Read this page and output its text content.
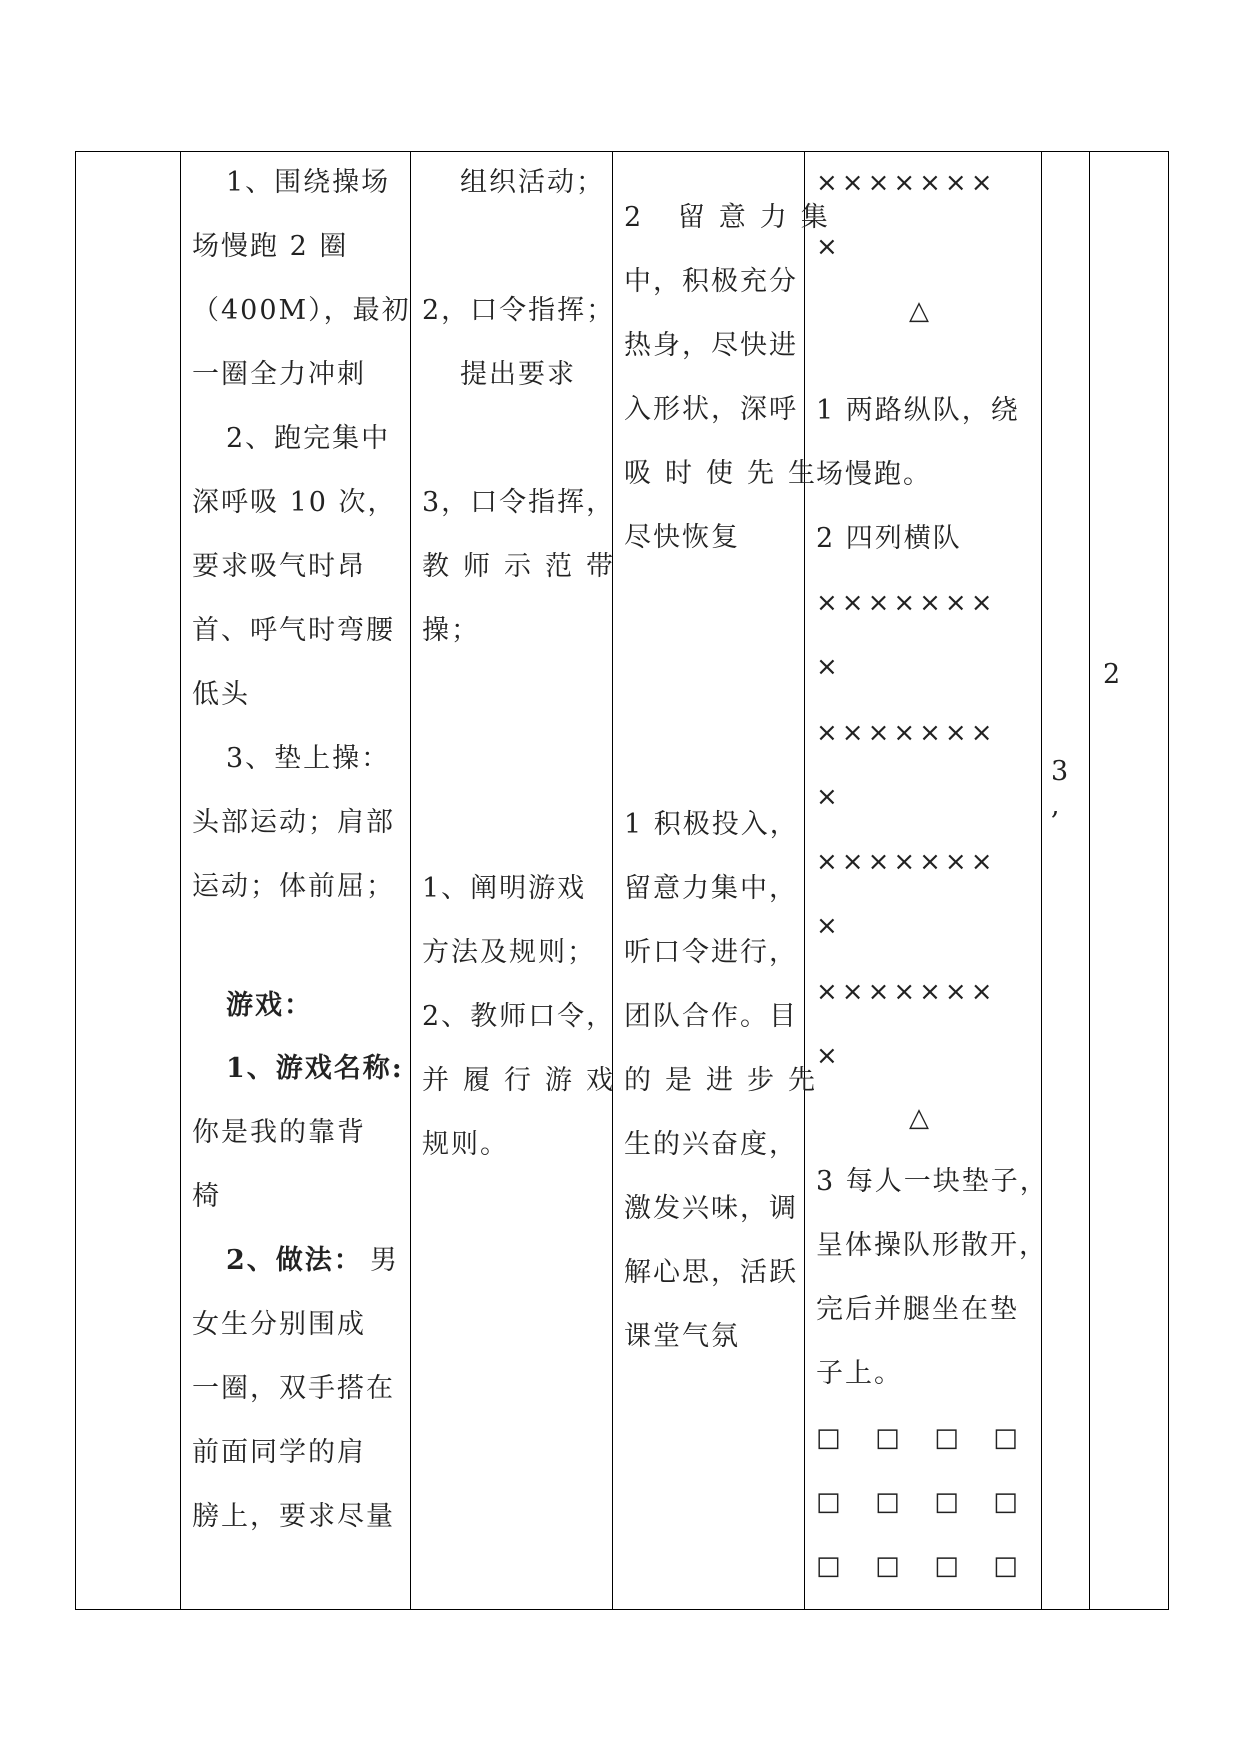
1、围绕操场
场慢跑 2 圈
（400M），最初
一圈全力冲刺
2、跑完集中
深呼吸 10 次，
要求吸气时昂
首、呼气时弯腰
低头
3、垫上操：
头部运动；肩部
运动；体前屈；
游戏：
1、游戏名称:
你是我的靠背
椅
2、做法： 男
女生分别围成
一圈，双手搭在
前面同学的肩
膀上，要求尽量
组织活动；
2，口令指挥；
提出要求
3，口令指挥，
教师示范带
操；
1、阐明游戏
方法及规则；
2、教师口令，
并履行游戏
规则。
2 留意力集
中，积极充分
热身，尽快进
入形状，深呼
吸时使先生
尽快恢复
1 积极投入，
留意力集中，
听口令进行，
团队合作。目
的是进步先
生的兴奋度，
激发兴味，调
解心思，活跃
课堂气氛
×××××××
×
△
1 两路纵队，绕
场慢跑。
2 四列横队
×××××××
×
×××××××
×
×××××××
×
×××××××
×
△
3 每人一块垫子，
呈体操队形散开，
完后并腿坐在垫
子上。
□  □  □  □
□  □  □  □
□  □  □  □
3
,
2
